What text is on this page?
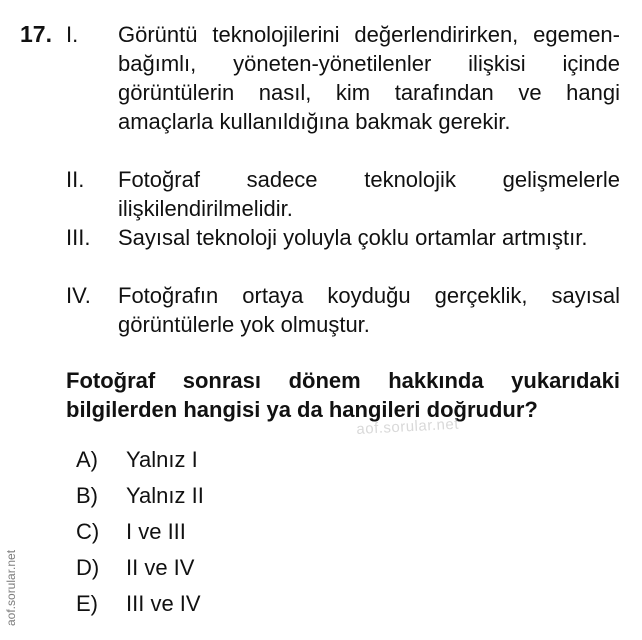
17. I. Görüntü teknolojilerini değerlendirirken, egemen-bağımlı, yöneten-yönetilenler ilişkisi içinde görüntülerin nasıl, kim tarafından ve hangi amaçlarla kullanıldığına bakmak gerekir.
II. Fotoğraf sadece teknolojik gelişmelerle ilişkilendirilmelidir.
III. Sayısal teknoloji yoluyla çoklu ortamlar artmıştır.
IV. Fotoğrafın ortaya koyduğu gerçeklik, sayısal görüntülerle yok olmuştur.
Fotoğraf sonrası dönem hakkında yukarıdaki bilgilerden hangisi ya da hangileri doğrudur?
aof.sorular.net
A) Yalnız I
B) Yalnız II
C) I ve III
D) II ve IV
E) III ve IV
aof.sorular.net
